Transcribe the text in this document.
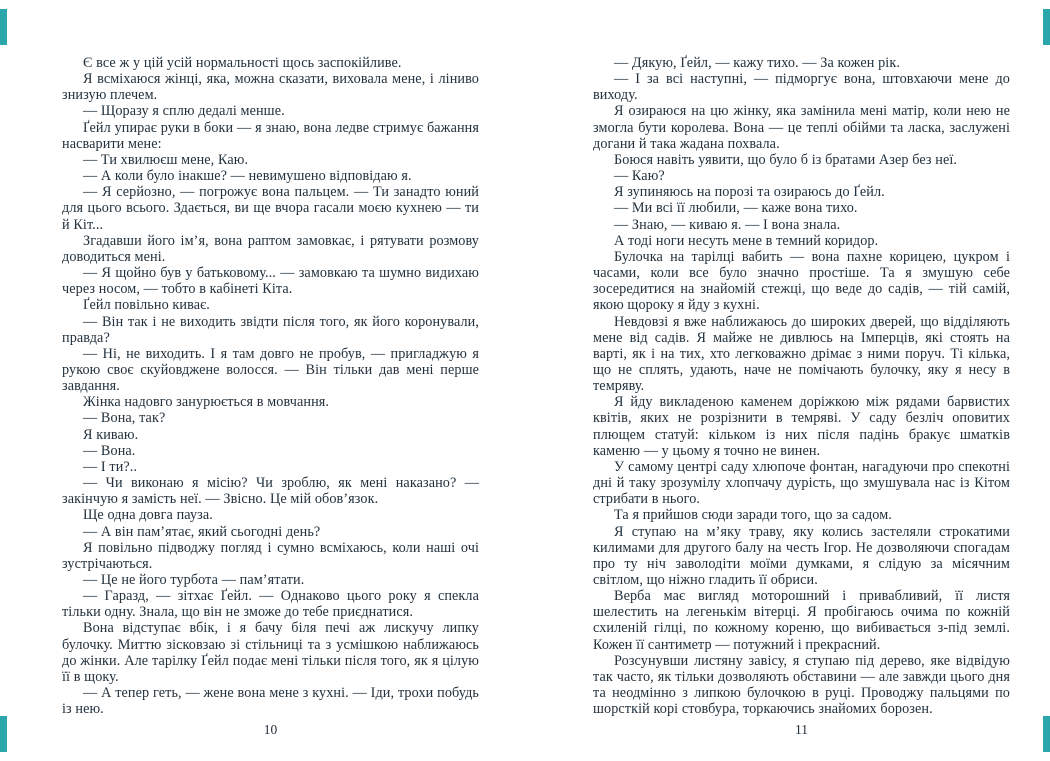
Є все ж у цій усій нормальності щось заспокійливе.

Я всміхаюся жінці, яка, можна сказати, виховала мене, і ліниво знизую плечем.

— Щоразу я сплю дедалі менше.

Ґейл упирає руки в боки — я знаю, вона ледве стримує бажання насварити мене:

— Ти хвилюєш мене, Каю.

— А коли було інакше? — невимушено відповідаю я.

— Я серйозно, — погрожує вона пальцем. — Ти занадто юний для цього всього. Здається, ви ще вчора гасали моєю кухнею — ти й Кіт...

Згадавши його ім’я, вона раптом замовкає, і рятувати розмову доводиться мені.

— Я щойно був у батьковому... — замовкаю та шумно видихаю через носом, — тобто в кабінеті Кіта.

Ґейл повільно киває.

— Він так і не виходить звідти після того, як його коронували, правда?

— Ні, не виходить. І я там довго не пробув, — пригладжую я рукою своє скуйовджене волосся. — Він тільки дав мені перше завдання.

Жінка надовго занурюється в мовчання.

— Вона, так?

Я киваю.

— Вона.

— І ти?..

— Чи виконаю я місію? Чи зроблю, як мені наказано? — закінчую я замість неї. — Звісно. Це мій обов’язок.

Ще одна довга пауза.

— А він пам’ятає, який сьогодні день?

Я повільно підводжу погляд і сумно всміхаюсь, коли наші очі зустрічаються.

— Це не його турбота — пам’ятати.

— Гаразд, — зітхає Ґейл. — Однаково цього року я спекла тільки одну. Знала, що він не зможе до тебе приєднатися.

Вона відступає вбік, і я бачу біля печі аж лискучу липку булочку. Миттю зісковзаю зі стільниці та з усмішкою наближаюсь до жінки. Але тарілку Ґейл подає мені тільки після того, як я цілую її в щоку.

— А тепер геть, — жене вона мене з кухні. — Іди, трохи побудь із нею.

— Дякую, Ґейл, — кажу тихо. — За кожен рік.

— І за всі наступні, — підморгує вона, штовхаючи мене до виходу.

Я озираюся на цю жінку, яка замінила мені матір, коли нею не змогла бути королева. Вона — це теплі обійми та ласка, заслужені догани й така жадана похвала.

Боюся навіть уявити, що було б із братами Азер без неї.

— Каю?

Я зупиняюсь на порозі та озираюсь до Ґейл.

— Ми всі її любили, — каже вона тихо.

— Знаю, — киваю я. — І вона знала.

А тоді ноги несуть мене в темний коридор.

Булочка на тарілці вабить — вона пахне корицею, цукром і часами, коли все було значно простіше. Та я змушую себе зосередитися на знайомій стежці, що веде до садів, — тій самій, якою щороку я йду з кухні.

Невдовзі я вже наближаюсь до широких дверей, що відділяють мене від садів. Я майже не дивлюсь на Імперців, які стоять на варті, як і на тих, хто легковажно дрімає з ними поруч. Ті кілька, що не сплять, удають, наче не помічають булочку, яку я несу в темряву.

Я йду викладеною каменем доріжкою між рядами барвистих квітів, яких не розрізнити в темряві. У саду безліч оповитих плющем статуй: кільком із них після падінь бракує шматків каменю — у цьому я точно не винен.

У самому центрі саду хлюпоче фонтан, нагадуючи про спекотні дні й таку зрозумілу хлопчачу дурість, що змушувала нас із Кітом стрибати в нього.

Та я прийшов сюди заради того, що за садом.

Я ступаю на м’яку траву, яку колись застеляли строкатими килимами для другого балу на честь Ігор. Не дозволяючи спогадам про ту ніч заволодіти моїми думками, я слідую за місячним світлом, що ніжно гладить її обриси.

Верба має вигляд моторошний і привабливий, її листя шелестить на легенькім вітерці. Я пробігаюсь очима по кожній схиленій гілці, по кожному кореню, що вибивається з-під землі. Кожен її сантиметр — потужний і прекрасний.

Розсунувши листяну завісу, я ступаю під дерево, яке відвідую так часто, як тільки дозволяють обставини — але завжди цього дня та неодмінно з липкою булочкою в руці. Проводжу пальцями по шорсткій корі стовбура, торкаючись знайомих борозен.

10	11
